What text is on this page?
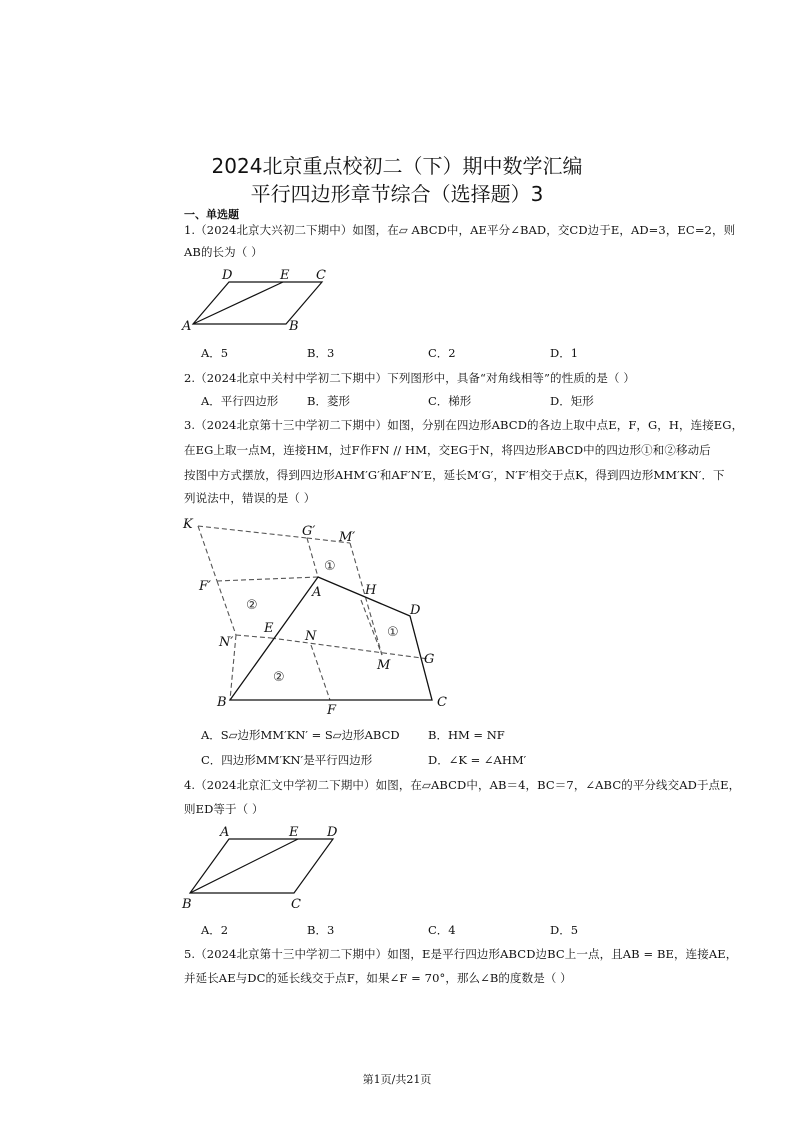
2024北京重点校初二（下）期中数学汇编
平行四边形章节综合（选择题）3
一、单选题
1.（2024北京大兴初二下期中）如图，在▱ ABCD中，AE平分∠BAD，交CD边于E，AD=3，EC=2，则
AB的长为（ ）
D	E C
A	B
K	G′ M′
F′	A	H
D
E
N
N′
M	G
B
F
C
①
②
①
②
A	E D
B	C
A．5	B．3	C．2	D．1
2.（2024北京中关村中学初二下期中）下列图形中，具备“对角线相等”的性质的是（ ）
A．平行四边形 B．菱形	C．梯形	D．矩形
3.（2024北京第十三中学初二下期中）如图，分别在四边形ABCD的各边上取中点E，F，G，H，连接EG，
在EG上取一点M，连接HM，过F作FN // HM，交EG于N，将四边形ABCD中的四边形①和②移动后
按图中方式摆放，得到四边形AHM′G′和AF′N′E，延长M′G′，N′F′相交于点K，得到四边形MM′KN′．下
列说法中，错误的是（ ）
A．S▱边形MM′KN′ = S▱边形ABCD B．HM = NF
C．四边形MM′KN′是平行四边形	D．∠K = ∠AHM′
4.（2024北京汇文中学初二下期中）如图，在▱ABCD中，AB＝4，BC＝7，∠ABC的平分线交AD于点E，
则ED等于（ ）
A．2	B．3	C．4	D．5
5.（2024北京第十三中学初二下期中）如图，E是平行四边形ABCD边BC上一点，且AB = BE，连接AE，
并延长AE与DC的延长线交于点F，如果∠F = 70°，那么∠B的度数是（ ）
第1页/共21页
